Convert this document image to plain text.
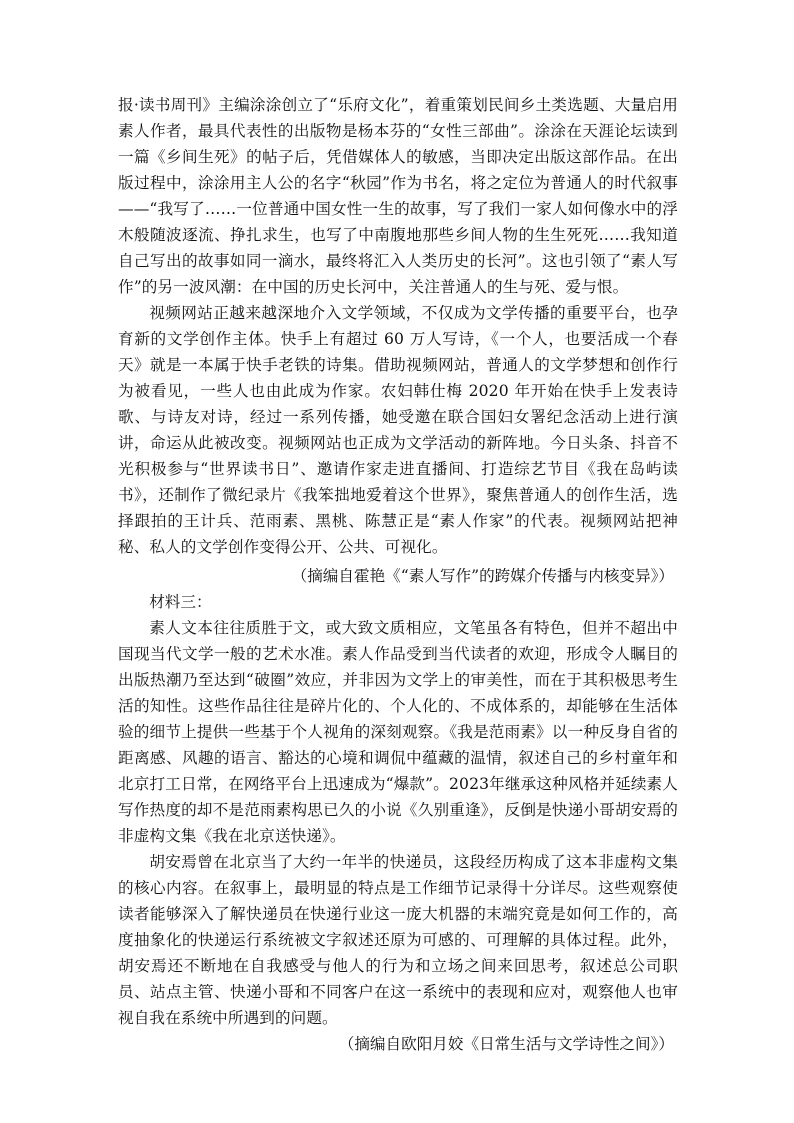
报·读书周刊》主编涂涂创立了“乐府文化”，着重策划民间乡土类选题、大量启用素人作者，最具代表性的出版物是杨本芬的“女性三部曲”。涂涂在天涯论坛读到一篇《乡间生死》的帖子后，凭借媒体人的敏感，当即决定出版这部作品。在出版过程中，涂涂用主人公的名字“秋园”作为书名，将之定位为普通人的时代叙事——“我写了……一位普通中国女性一生的故事，写了我们一家人如何像水中的浮木般随波逐流、挣扎求生，也写了中南腹地那些乡间人物的生生死死……我知道自己写出的故事如同一滴水，最终将汇入人类历史的长河”。这也引领了“素人写作”的另一波风潮：在中国的历史长河中，关注普通人的生与死、爱与恨。

视频网站正越来越深地介入文学领域，不仅成为文学传播的重要平台，也孕育新的文学创作主体。快手上有超过 60 万人写诗，《一个人，也要活成一个春天》就是一本属于快手老铁的诗集。借助视频网站，普通人的文学梦想和创作行为被看见，一些人也由此成为作家。农妇韩仕梅 2020 年开始在快手上发表诗歌、与诗友对诗，经过一系列传播，她受邀在联合国妇女署纪念活动上进行演讲，命运从此被改变。视频网站也正成为文学活动的新阵地。今日头条、抖音不光积极参与“世界读书日”、邀请作家走进直播间、打造综艺节目《我在岛屿读书》，还制作了微纪录片《我笨拙地爱着这个世界》，聚焦普通人的创作生活，选择跟拍的王计兵、范雨素、黑桃、陈慧正是“素人作家”的代表。视频网站把神秘、私人的文学创作变得公开、公共、可视化。

（摘编自霍艳《“素人写作”的跨媒介传播与内核变异》）

材料三：

素人文本往往质胜于文，或大致文质相应，文笔虽各有特色，但并不超出中国现当代文学一般的艺术水准。素人作品受到当代读者的欢迎，形成令人瞩目的出版热潮乃至达到“破圈”效应，并非因为文学上的审美性，而在于其积极思考生活的知性。这些作品往往是碎片化的、个人化的、不成体系的，却能够在生活体验的细节上提供一些基于个人视角的深刻观察。《我是范雨素》以一种反身自省的距离感、风趣的语言、豁达的心境和调侃中蕴藏的温情，叙述自己的乡村童年和北京打工日常，在网络平台上迅速成为“爆款”。2023年继承这种风格并延续素人写作热度的却不是范雨素构思已久的小说《久别重逢》，反倒是快递小哥胡安焉的非虚构文集《我在北京送快递》。

胡安焉曾在北京当了大约一年半的快递员，这段经历构成了这本非虚构文集的核心内容。在叙事上，最明显的特点是工作细节记录得十分详尽。这些观察使读者能够深入了解快递员在快递行业这一庞大机器的末端究竟是如何工作的，高度抽象化的快递运行系统被文字叙述还原为可感的、可理解的具体过程。此外，胡安焉还不断地在自我感受与他人的行为和立场之间来回思考，叙述总公司职员、站点主管、快递小哥和不同客户在这一系统中的表现和应对，观察他人也审视自我在系统中所遇到的问题。

（摘编自欧阳月姣《日常生活与文学诗性之间》）
